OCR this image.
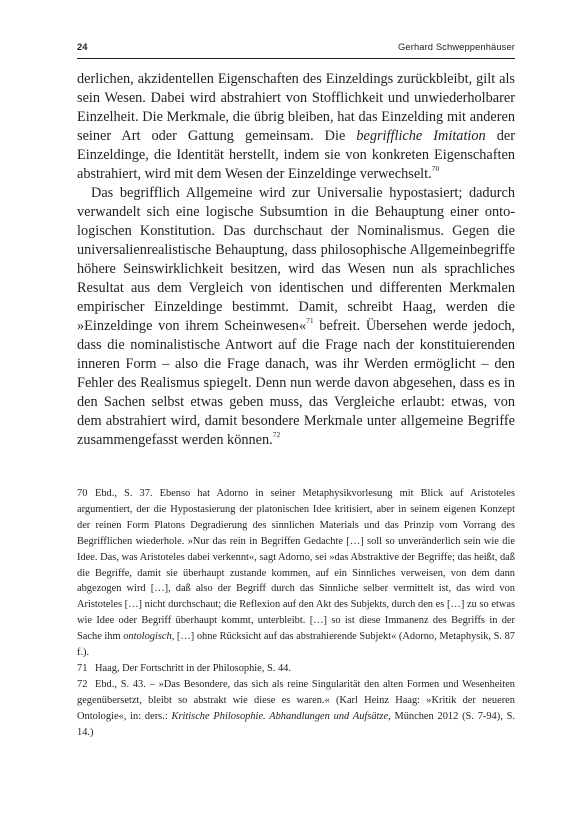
24	Gerhard Schweppenhäuser

derlichen, akzidentellen Eigenschaften des Einzeldings zurückbleibt, gilt als sein Wesen. Dabei wird abstrahiert von Stofflichkeit und unwiederholbarer Einzelheit. Die Merkmale, die übrig bleiben, hat das Einzelding mit anderen seiner Art oder Gattung gemeinsam. Die begriffliche Imitation der Einzeldinge, die Identität herstellt, indem sie von konkreten Eigenschaften abstrahiert, wird mit dem Wesen der Einzeldinge verwechselt.$^{70}$

Das begrifflich Allgemeine wird zur Universalie hypostasiert; dadurch verwandelt sich eine logische Subsumtion in die Behauptung einer ontologischen Konstitution. Das durchschaut der Nominalismus. Gegen die universalienrealistische Behauptung, dass philosophische Allgemeinbegriffe höhere Seinswirklichkeit besitzen, wird das Wesen nun als sprachliches Resultat aus dem Vergleich von identischen und differenten Merkmalen empirischer Einzeldinge bestimmt. Damit, schreibt Haag, werden die »Einzeldinge von ihrem Scheinwesen«$^{71}$ befreit. Übersehen werde jedoch, dass die nominalistische Antwort auf die Frage nach der konstituierenden inneren Form – also die Frage danach, was ihr Werden ermöglicht – den Fehler des Realismus spiegelt. Denn nun werde davon abgesehen, dass es in den Sachen selbst etwas geben muss, das Vergleiche erlaubt: etwas, von dem abstrahiert wird, damit besondere Merkmale unter allgemeine Begriffe zusammengefasst werden können.$^{72}$

70 Ebd., S. 37. Ebenso hat Adorno in seiner Metaphysikvorlesung mit Blick auf Aristoteles argumentiert, der die Hypostasierung der platonischen Idee kritisiert, aber in seinem eigenen Konzept der reinen Form Platons Degradierung des sinnlichen Materials und das Prinzip vom Vorrang des Begrifflichen wiederhole. »Nur das rein in Begriffen Gedachte […] soll so unveränderlich sein wie die Idee. Das, was Aristoteles dabei verkennt«, sagt Adorno, sei »das Abstraktive der Begriffe; das heißt, daß die Begriffe, damit sie überhaupt zustande kommen, auf ein Sinnliches verweisen, von dem dann abgezogen wird […], daß also der Begriff durch das Sinnliche selber vermittelt ist, das wird von Aristoteles […] nicht durchschaut; die Reflexion auf den Akt des Subjekts, durch den es […] zu so etwas wie Idee oder Begriff überhaupt kommt, unterbleibt. […] so ist diese Immanenz des Begriffs in der Sache ihm ontologisch, […] ohne Rücksicht auf das abstrahierende Subjekt« (Adorno, Metaphysik, S. 87 f.).

71 Haag, Der Fortschritt in der Philosophie, S. 44.

72 Ebd., S. 43. – »Das Besondere, das sich als reine Singularität den alten Formen und Wesenheiten gegenübersetzt, bleibt so abstrakt wie diese es waren.« (Karl Heinz Haag: »Kritik der neueren Ontologie«, in: ders.: Kritische Philosophie. Abhandlungen und Aufsätze, München 2012 (S. 7-94), S. 14.)
